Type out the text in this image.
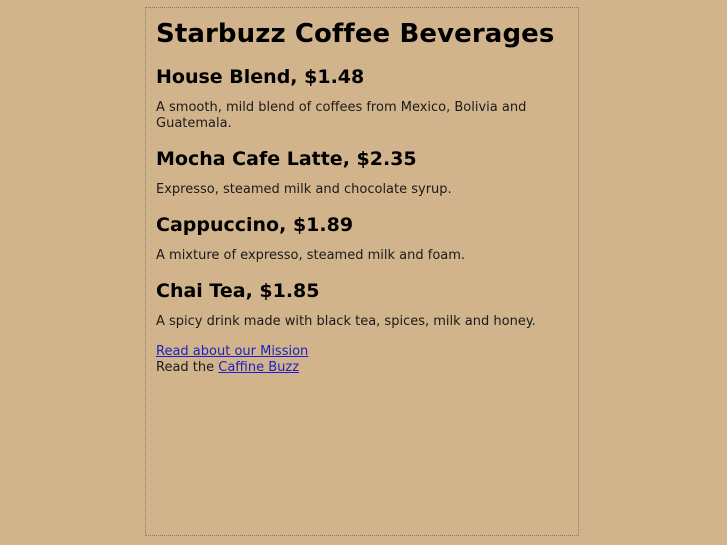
Starbuzz Coffee Beverages
House Blend, $1.48

A smooth, mild blend of coffees from Mexico, Bolivia and Guatemala.

Mocha Cafe Latte, $2.35

Expresso, steamed milk and chocolate syrup.

Cappuccino, $1.89

A mixture of expresso, steamed milk and foam.

Chai Tea, $1.85

A spicy drink made with black tea, spices, milk and honey.

Read about our Mission
Read the Caffine Buzz
